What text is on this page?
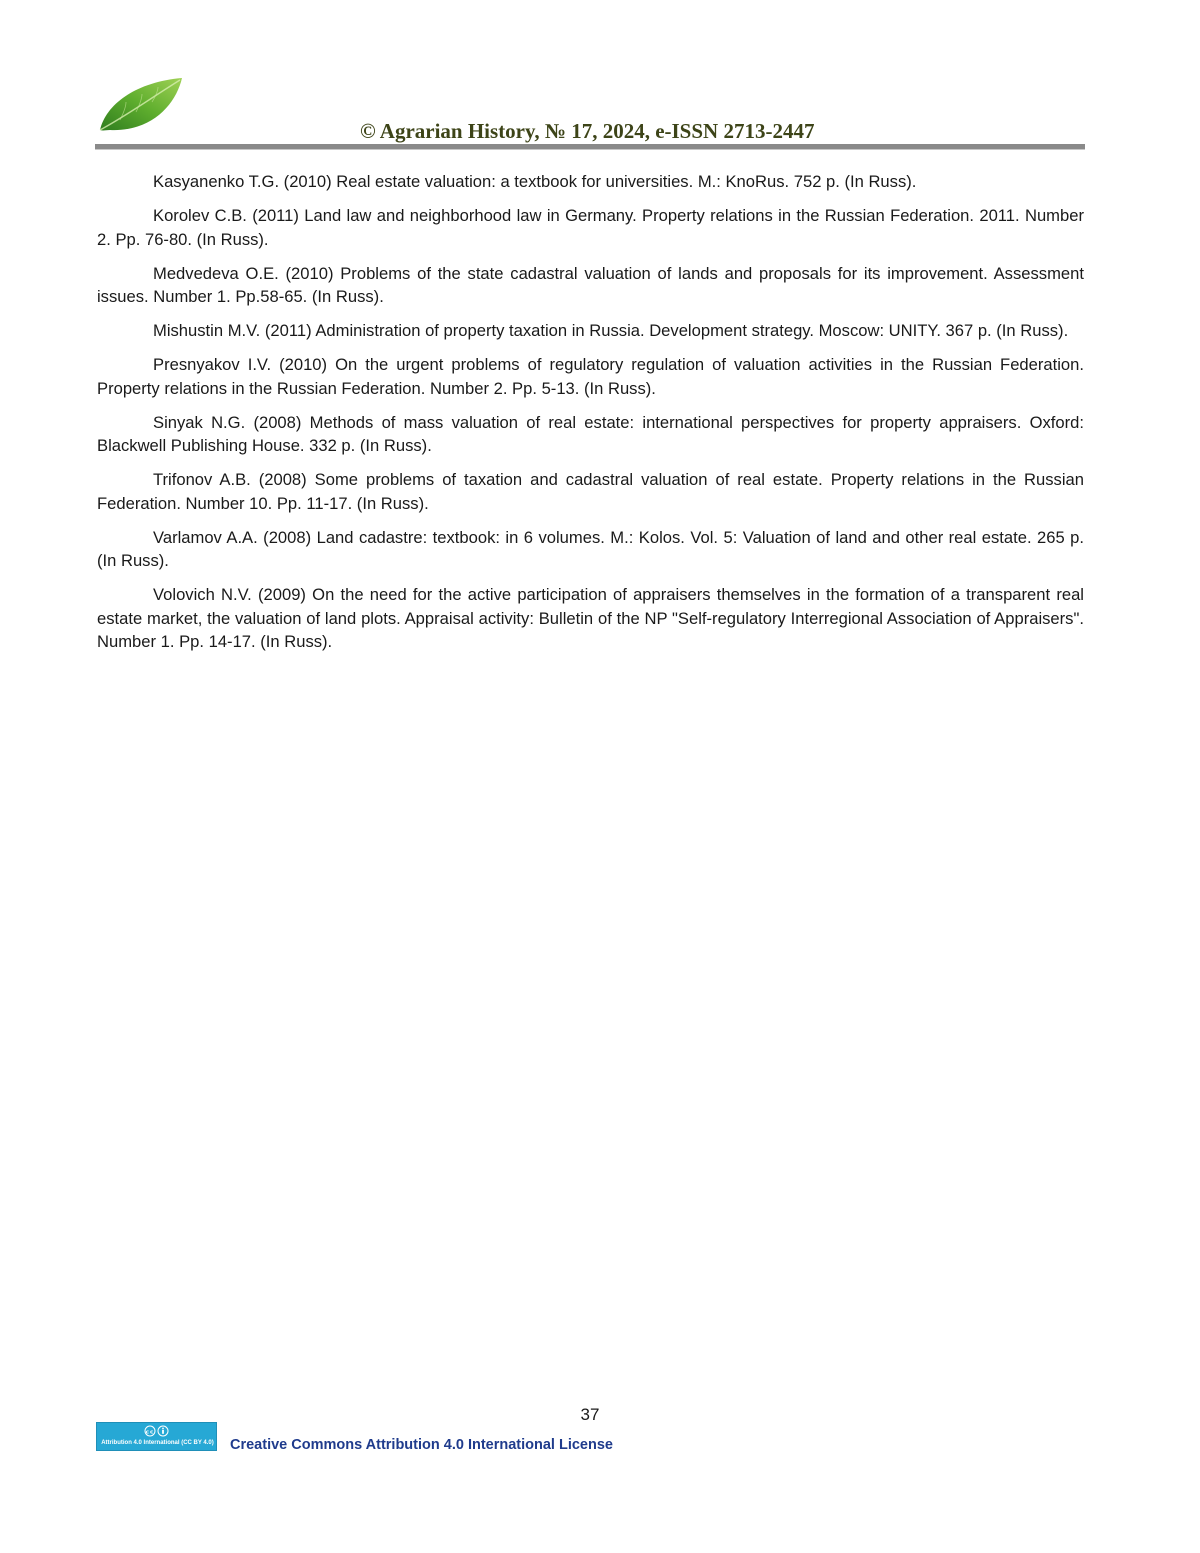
© Agrarian History, № 17, 2024, e-ISSN 2713-2447
Kasyanenko T.G. (2010) Real estate valuation: a textbook for universities. M.: KnoRus. 752 p. (In Russ).
Korolev C.B. (2011) Land law and neighborhood law in Germany. Property relations in the Russian Federation. 2011. Number 2. Pp. 76-80. (In Russ).
Medvedeva O.E. (2010) Problems of the state cadastral valuation of lands and proposals for its improvement. Assessment issues. Number 1. Pp.58-65. (In Russ).
Mishustin M.V. (2011) Administration of property taxation in Russia. Development strategy. Moscow: UNITY. 367 p. (In Russ).
Presnyakov I.V. (2010) On the urgent problems of regulatory regulation of valuation activities in the Russian Federation. Property relations in the Russian Federation. Number 2. Pp. 5-13. (In Russ).
Sinyak N.G. (2008) Methods of mass valuation of real estate: international perspectives for property appraisers. Oxford: Blackwell Publishing House. 332 p. (In Russ).
Trifonov A.B. (2008) Some problems of taxation and cadastral valuation of real estate. Property relations in the Russian Federation. Number 10. Pp. 11-17. (In Russ).
Varlamov A.A. (2008) Land cadastre: textbook: in 6 volumes. M.: Kolos. Vol. 5: Valuation of land and other real estate. 265 p. (In Russ).
Volovich N.V. (2009) On the need for the active participation of appraisers themselves in the formation of a transparent real estate market, the valuation of land plots. Appraisal activity: Bulletin of the NP "Self-regulatory Interregional Association of Appraisers". Number 1. Pp. 14-17. (In Russ).
37
cc
Attribution 4.0 International (CC BY 4.0) Creative Commons Attribution 4.0 International License
